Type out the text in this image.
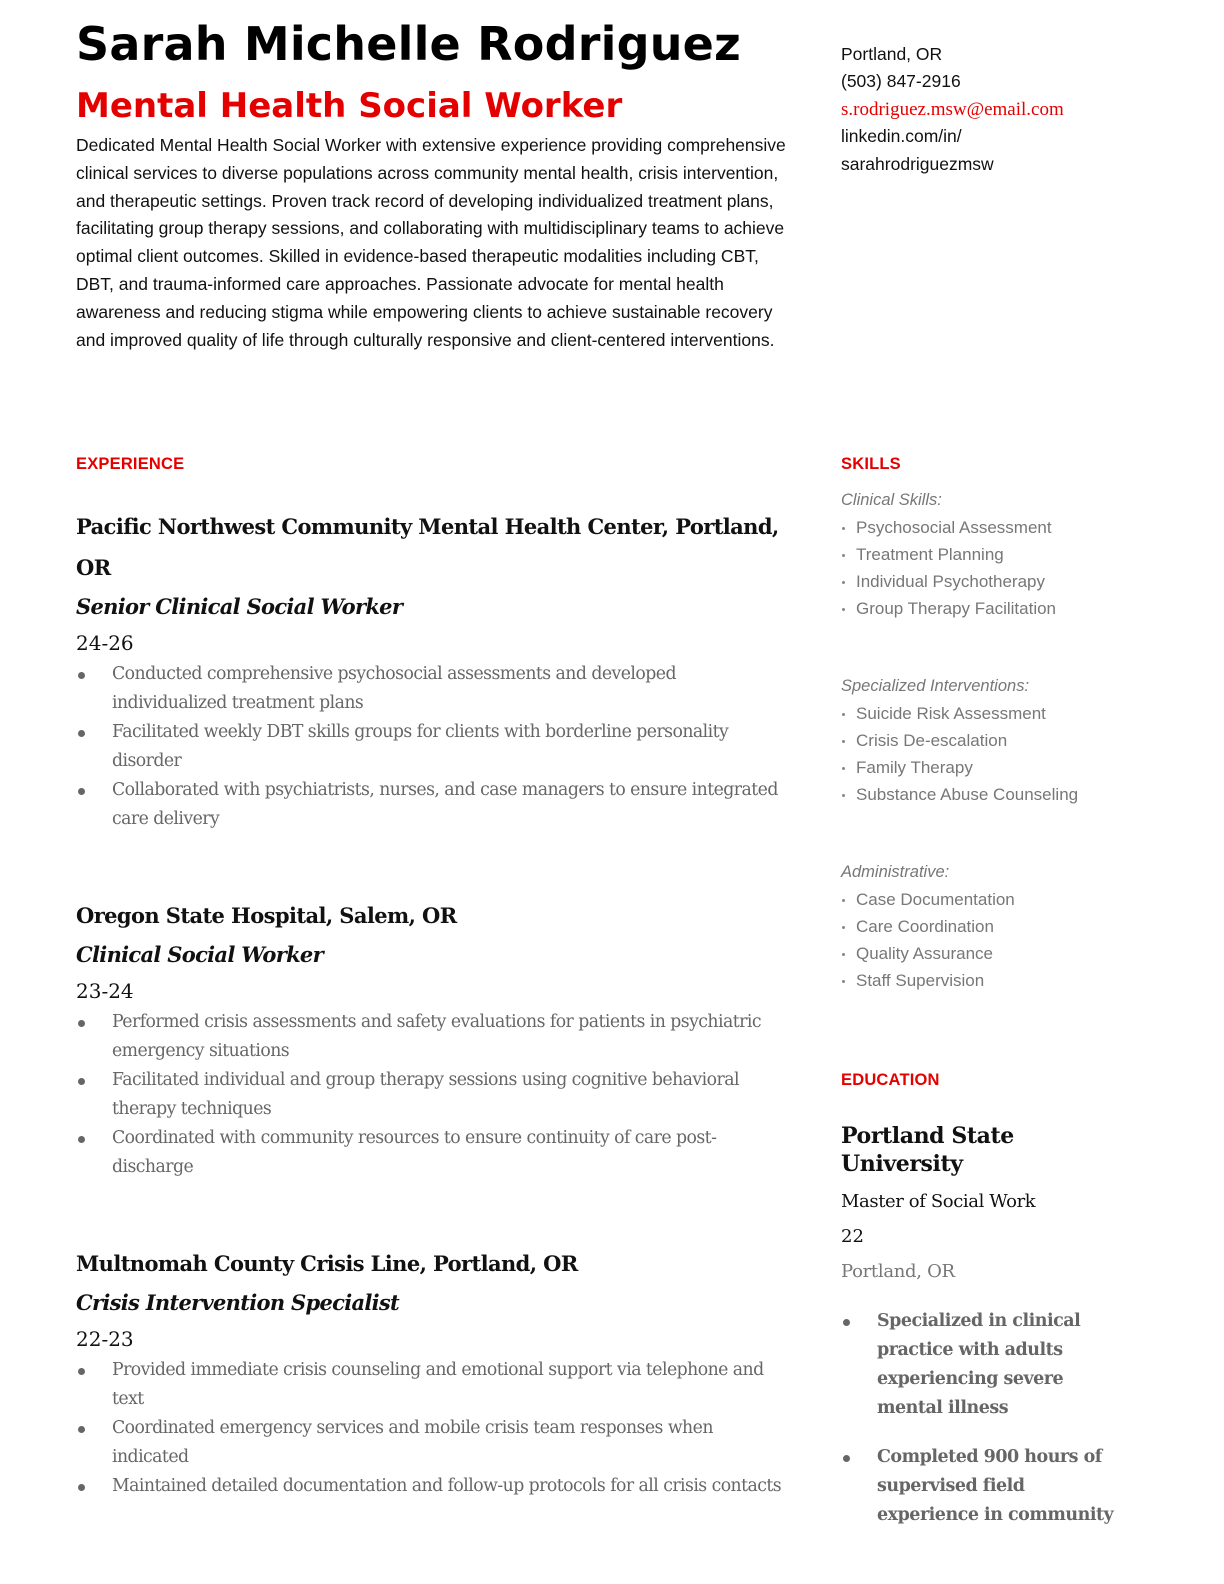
Sarah Michelle Rodriguez
Mental Health Social Worker

Dedicated Mental Health Social Worker with extensive experience providing comprehensive clinical services to diverse populations across community mental health, crisis intervention, and therapeutic settings. Proven track record of developing individualized treatment plans, facilitating group therapy sessions, and collaborating with multidisciplinary teams to achieve optimal client outcomes. Skilled in evidence-based therapeutic modalities including CBT, DBT, and trauma-informed care approaches. Passionate advocate for mental health awareness and reducing stigma while empowering clients to achieve sustainable recovery and improved quality of life through culturally responsive and client-centered interventions.

Portland, OR
(503) 847-2916
s.rodriguez.msw@email.com
linkedin.com/in/
sarahrodriguezmsw
EXPERIENCE
Pacific Northwest Community Mental Health Center, Portland, OR
Senior Clinical Social Worker
24-26
Conducted comprehensive psychosocial assessments and developed individualized treatment plans
Facilitated weekly DBT skills groups for clients with borderline personality disorder
Collaborated with psychiatrists, nurses, and case managers to ensure integrated care delivery
Oregon State Hospital, Salem, OR
Clinical Social Worker
23-24
Performed crisis assessments and safety evaluations for patients in psychiatric emergency situations
Facilitated individual and group therapy sessions using cognitive behavioral therapy techniques
Coordinated with community resources to ensure continuity of care post-discharge
Multnomah County Crisis Line, Portland, OR
Crisis Intervention Specialist
22-23
Provided immediate crisis counseling and emotional support via telephone and text
Coordinated emergency services and mobile crisis team responses when indicated
Maintained detailed documentation and follow-up protocols for all crisis contacts
SKILLS
Clinical Skills:
Psychosocial Assessment
Treatment Planning
Individual Psychotherapy
Group Therapy Facilitation
Specialized Interventions:
Suicide Risk Assessment
Crisis De-escalation
Family Therapy
Substance Abuse Counseling
Administrative:
Case Documentation
Care Coordination
Quality Assurance
Staff Supervision
EDUCATION
Portland State University
Master of Social Work
22
Portland, OR
Specialized in clinical practice with adults experiencing severe mental illness
Completed 900 hours of supervised field experience in community
